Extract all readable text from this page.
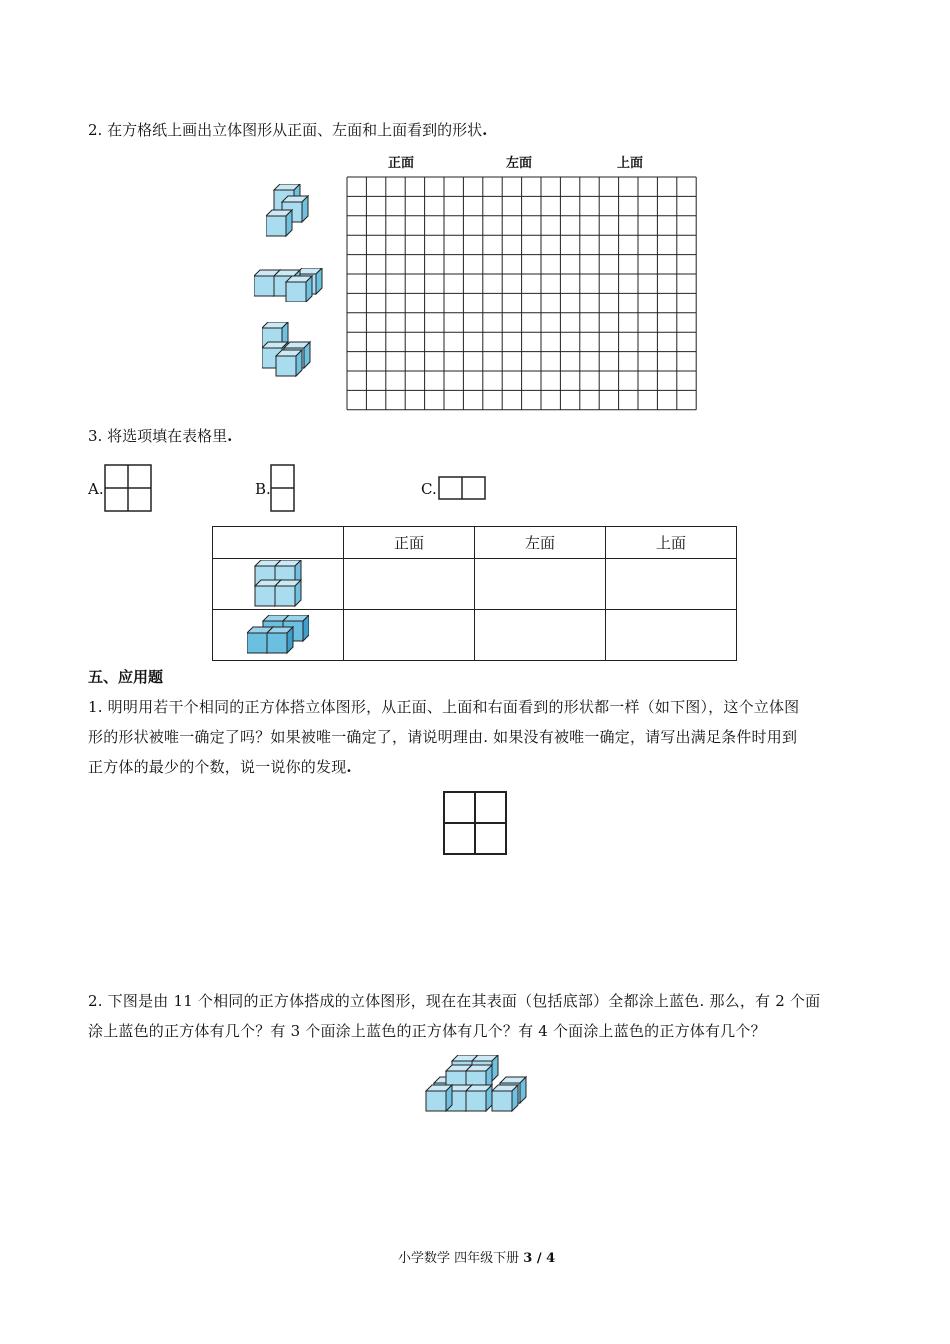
2. 在方格纸上画出立体图形从正面、左面和上面看到的形状.
正面	左面	上面
3. 将选项填在表格里.
A.	B.	C.
	正面	左面	上面

五、应用题
1. 明明用若干个相同的正方体搭立体图形，从正面、上面和右面看到的形状都一样（如下图），这个立体图
形的形状被唯一确定了吗？如果被唯一确定了，请说明理由. 如果没有被唯一确定，请写出满足条件时用到
正方体的最少的个数，说一说你的发现.
2. 下图是由 11 个相同的正方体搭成的立体图形，现在在其表面（包括底部）全都涂上蓝色. 那么，有 2 个面
涂上蓝色的正方体有几个？有 3 个面涂上蓝色的正方体有几个？有 4 个面涂上蓝色的正方体有几个？
小学数学 四年级下册 3 / 4
